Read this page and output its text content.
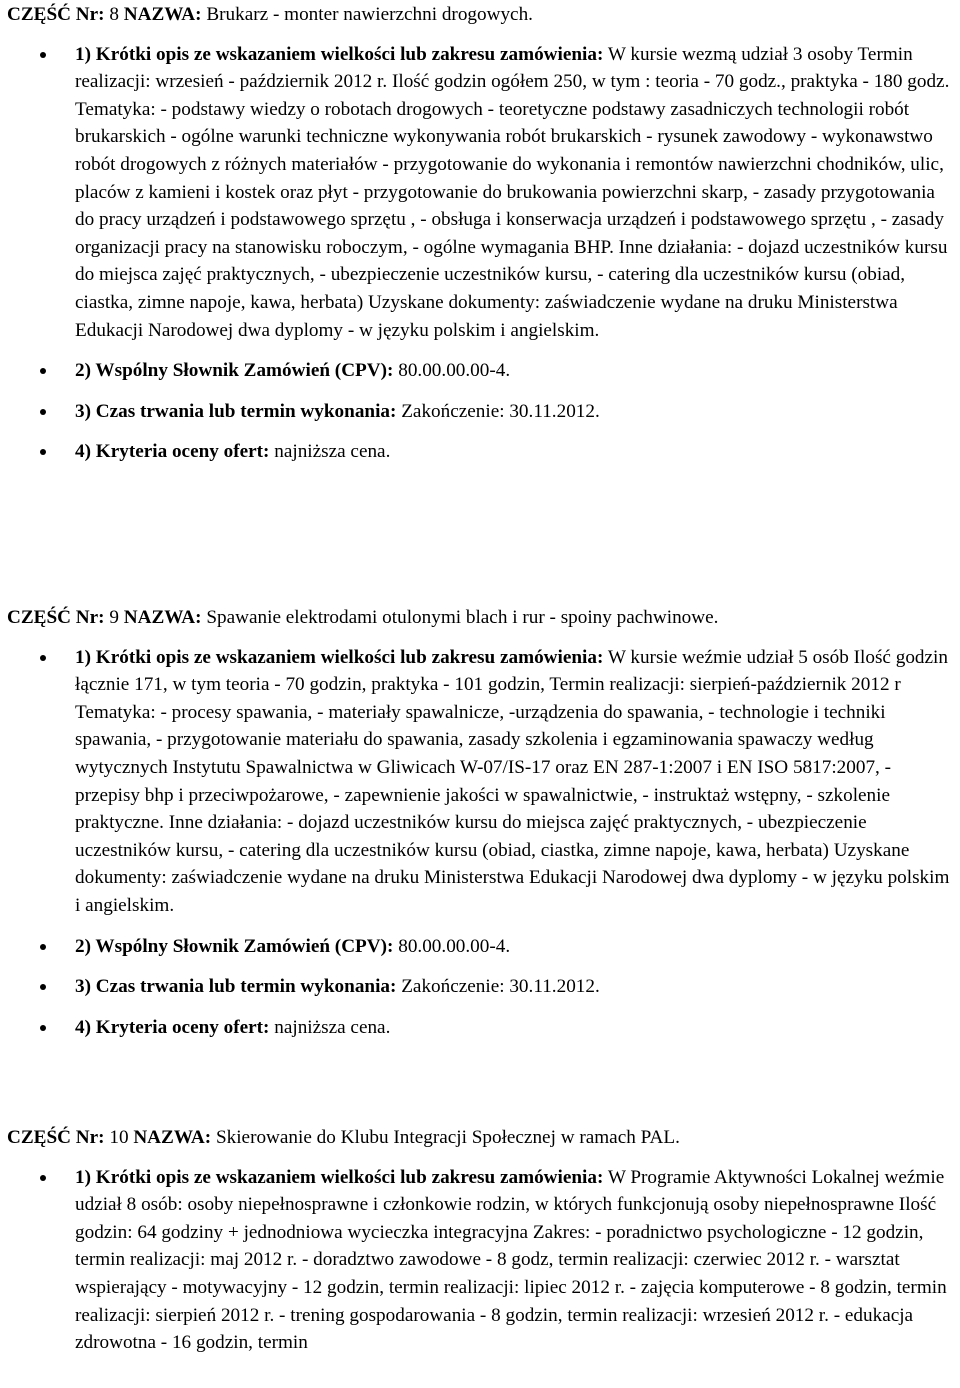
CZĘŚĆ Nr: 8 NAZWA: Brukarz - monter nawierzchni drogowych.

1) Krótki opis ze wskazaniem wielkości lub zakresu zamówienia: W kursie wezmą udział 3 osoby Termin realizacji: wrzesień - październik 2012 r. Ilość godzin ogółem 250, w tym : teoria - 70 godz., praktyka - 180 godz. Tematyka: - podstawy wiedzy o robotach drogowych - teoretyczne podstawy zasadniczych technologii robót brukarskich - ogólne warunki techniczne wykonywania robót brukarskich - rysunek zawodowy - wykonawstwo robót drogowych z różnych materiałów - przygotowanie do wykonania i remontów nawierzchni chodników, ulic, placów z kamieni i kostek oraz płyt - przygotowanie do brukowania powierzchni skarp, - zasady przygotowania do pracy urządzeń i podstawowego sprzętu , - obsługa i konserwacja urządzeń i podstawowego sprzętu , - zasady organizacji pracy na stanowisku roboczym, - ogólne wymagania BHP. Inne działania: - dojazd uczestników kursu do miejsca zajęć praktycznych, - ubezpieczenie uczestników kursu, - catering dla uczestników kursu (obiad, ciastka, zimne napoje, kawa, herbata) Uzyskane dokumenty: zaświadczenie wydane na druku Ministerstwa Edukacji Narodowej dwa dyplomy - w języku polskim i angielskim.
2) Wspólny Słownik Zamówień (CPV): 80.00.00.00-4.
3) Czas trwania lub termin wykonania: Zakończenie: 30.11.2012.
4) Kryteria oceny ofert: najniższa cena.

CZĘŚĆ Nr: 9 NAZWA: Spawanie elektrodami otulonymi blach i rur - spoiny pachwinowe.

1) Krótki opis ze wskazaniem wielkości lub zakresu zamówienia: W kursie weźmie udział 5 osób Ilość godzin łącznie 171, w tym teoria - 70 godzin, praktyka - 101 godzin, Termin realizacji: sierpień-październik 2012 r Tematyka: - procesy spawania, - materiały spawalnicze, -urządzenia do spawania, - technologie i techniki spawania, - przygotowanie materiału do spawania, zasady szkolenia i egzaminowania spawaczy według wytycznych Instytutu Spawalnictwa w Gliwicach W-07/IS-17 oraz EN 287-1:2007 i EN ISO 5817:2007, - przepisy bhp i przeciwpożarowe, - zapewnienie jakości w spawalnictwie, - instruktaż wstępny, - szkolenie praktyczne. Inne działania: - dojazd uczestników kursu do miejsca zajęć praktycznych, - ubezpieczenie uczestników kursu, - catering dla uczestników kursu (obiad, ciastka, zimne napoje, kawa, herbata) Uzyskane dokumenty: zaświadczenie wydane na druku Ministerstwa Edukacji Narodowej dwa dyplomy - w języku polskim i angielskim.
2) Wspólny Słownik Zamówień (CPV): 80.00.00.00-4.
3) Czas trwania lub termin wykonania: Zakończenie: 30.11.2012.
4) Kryteria oceny ofert: najniższa cena.

CZĘŚĆ Nr: 10 NAZWA: Skierowanie do Klubu Integracji Społecznej w ramach PAL.

1) Krótki opis ze wskazaniem wielkości lub zakresu zamówienia: W Programie Aktywności Lokalnej weźmie udział 8 osób: osoby niepełnosprawne i członkowie rodzin, w których funkcjonują osoby niepełnosprawne Ilość godzin: 64 godziny + jednodniowa wycieczka integracyjna Zakres: - poradnictwo psychologiczne - 12 godzin, termin realizacji: maj 2012 r. - doradztwo zawodowe - 8 godz, termin realizacji: czerwiec 2012 r. - warsztat wspierający - motywacyjny - 12 godzin, termin realizacji: lipiec 2012 r. - zajęcia komputerowe - 8 godzin, termin realizacji: sierpień 2012 r. - trening gospodarowania - 8 godzin, termin realizacji: wrzesień 2012 r. - edukacja zdrowotna - 16 godzin, termin
